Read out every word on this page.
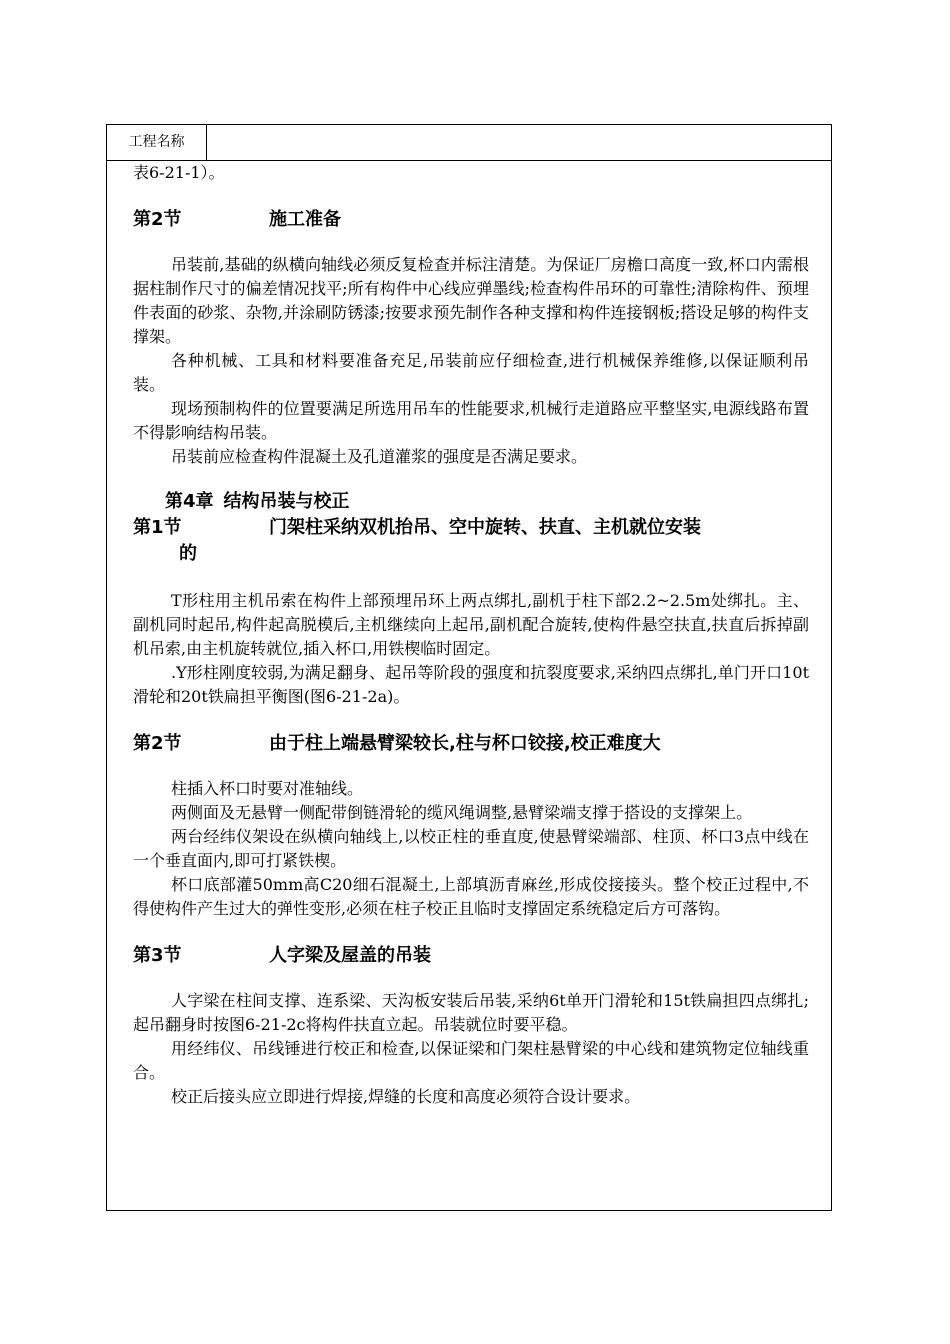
工程名称

表6-21-1）。

第2节	施工准备

吊装前,基础的纵横向轴线必须反复检查并标注清楚。为保证厂房檐口高度一致,杯口内需根据柱制作尺寸的偏差情况找平;所有构件中心线应弹墨线;检查构件吊环的可靠性;清除构件、预埋件表面的砂浆、杂物,并涂刷防锈漆;按要求预先制作各种支撑和构件连接钢板;搭设足够的构件支撑架。

各种机械、工具和材料要准备充足,吊装前应仔细检查,进行机械保养维修,以保证顺利吊装。

现场预制构件的位置要满足所选用吊车的性能要求,机械行走道路应平整坚实,电源线路布置不得影响结构吊装。

吊装前应检查构件混凝土及孔道灌浆的强度是否满足要求。

第4章 结构吊装与校正

第1节	门架柱采纳双机抬吊、空中旋转、扶直、主机就位安装
的

T形柱用主机吊索在构件上部预埋吊环上两点绑扎,副机于柱下部2.2~2.5m处绑扎。主、副机同时起吊,构件起高脱模后,主机继续向上起吊,副机配合旋转,使构件悬空扶直,扶直后拆掉副机吊索,由主机旋转就位,插入杯口,用铁楔临时固定。

.Y形柱刚度较弱,为满足翻身、起吊等阶段的强度和抗裂度要求,采纳四点绑扎,单门开口10t滑轮和20t铁扁担平衡图(图6-21-2a)。

第2节	由于柱上端悬臂梁较长,柱与杯口铰接,校正难度大

柱插入杯口时要对准轴线。

两侧面及无悬臂一侧配带倒链滑轮的缆风绳调整,悬臂梁端支撑于搭设的支撑架上。

两台经纬仪架设在纵横向轴线上,以校正柱的垂直度,使悬臂梁端部、柱顶、杯口3点中线在一个垂直面内,即可打紧铁楔。

杯口底部灌50mm高C20细石混凝土,上部填沥青麻丝,形成佼接接头。整个校正过程中,不得使构件产生过大的弹性变形,必须在柱子校正且临时支撑固定系统稳定后方可落钩。

第3节	人字梁及屋盖的吊装

人字梁在柱间支撑、连系梁、天沟板安装后吊装,采纳6t单开门滑轮和15t铁扁担四点绑扎;起吊翻身时按图6-21-2c将构件扶直立起。吊装就位时要平稳。

用经纬仪、吊线锤进行校正和检查,以保证梁和门架柱悬臂梁的中心线和建筑物定位轴线重合。

校正后接头应立即进行焊接,焊缝的长度和高度必须符合设计要求。
